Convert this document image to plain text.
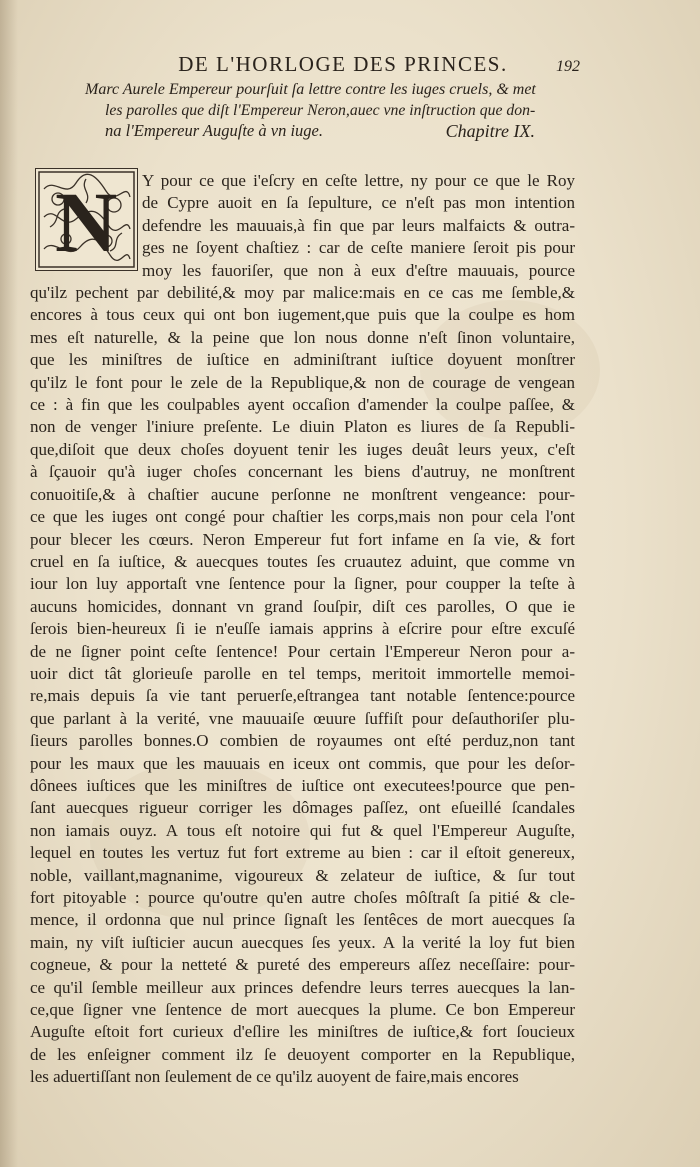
DE L'HORLOGE DES PRINCES.	192
Marc Aurele Empereur pourſuit ſa lettre contre les iuges cruels, & met
les parolles que diſt l'Empereur Neron,auec vne inſtruction que don-
na l'Empereur Auguſte à vn iuge.	Chapitre IX.
N Y pour ce que i'eſcry en ceſte lettre, ny pour ce que le Roy
de Cypre auoit en ſa ſepulture, ce n'eſt pas mon intention
defendre les mauuais,à fin que par leurs malfaicts & outra-
ges ne ſoyent chaſtiez : car de ceſte maniere ſeroit pis pour
moy les fauoriſer, que non à eux d'eſtre mauuais, pource
qu'ilz pechent par debilité,& moy par malice:mais en ce cas me ſemble,&
encores à tous ceux qui ont bon iugement,que puis que la coulpe es hom
mes eſt naturelle, & la peine que lon nous donne n'eſt ſinon voluntaire,
que les miniſtres de iuſtice en adminiſtrant iuſtice doyuent monſtrer
qu'ilz le font pour le zele de la Republique,& non de courage de vengean
ce : à fin que les coulpables ayent occaſion d'amender la coulpe paſſee, &
non de venger l'iniure preſente. Le diuin Platon es liures de ſa Republi-
que,diſoit que deux choſes doyuent tenir les iuges deuât leurs yeux, c'eſt
à ſçauoir qu'à iuger choſes concernant les biens d'autruy, ne monſtrent
conuoitiſe,& à chaſtier aucune perſonne ne monſtrent vengeance: pour-
ce que les iuges ont congé pour chaſtier les corps,mais non pour cela l'ont
pour blecer les cœurs. Neron Empereur fut fort infame en ſa vie, & fort
cruel en ſa iuſtice, & auecques toutes ſes cruautez aduint, que comme vn
iour lon luy apportaſt vne ſentence pour la ſigner, pour coupper la teſte à
aucuns homicides, donnant vn grand ſouſpir, diſt ces parolles, O que ie
ſerois bien-heureux ſi ie n'euſſe iamais apprins à eſcrire pour eſtre excuſé
de ne ſigner point ceſte ſentence! Pour certain l'Empereur Neron pour a-
uoir dict tât glorieuſe parolle en tel temps, meritoit immortelle memoi-
re,mais depuis ſa vie tant peruerſe,eſtrangea tant notable ſentence:pource
que parlant à la verité, vne mauuaiſe œuure ſuffiſt pour deſauthoriſer plu-
ſieurs parolles bonnes.O combien de royaumes ont eſté perduz,non tant
pour les maux que les mauuais en iceux ont commis, que pour les deſor-
dônees iuſtices que les miniſtres de iuſtice ont executees!pource que pen-
ſant auecques rigueur corriger les dômages paſſez, ont eſueillé ſcandales
non iamais ouyz. A tous eſt notoire qui fut & quel l'Empereur Auguſte,
lequel en toutes les vertuz fut fort extreme au bien : car il eſtoit genereux,
noble, vaillant,magnanime, vigoureux & zelateur de iuſtice, & ſur tout
fort pitoyable : pource qu'outre qu'en autre choſes môſtraſt ſa pitié & cle-
mence, il ordonna que nul prince ſignaſt les ſentêces de mort auecques ſa
main, ny viſt iuſticier aucun auecques ſes yeux. A la verité la loy fut bien
cogneue, & pour la netteté & pureté des empereurs aſſez neceſſaire: pour-
ce qu'il ſemble meilleur aux princes defendre leurs terres auecques la lan-
ce,que ſigner vne ſentence de mort auecques la plume. Ce bon Empereur
Auguſte eſtoit fort curieux d'eſlire les miniſtres de iuſtice,& fort ſoucieux
de les enſeigner comment ilz ſe deuoyent comporter en la Republique,
les aduertiſſant non ſeulement de ce qu'ilz auoyent de faire,mais encores
